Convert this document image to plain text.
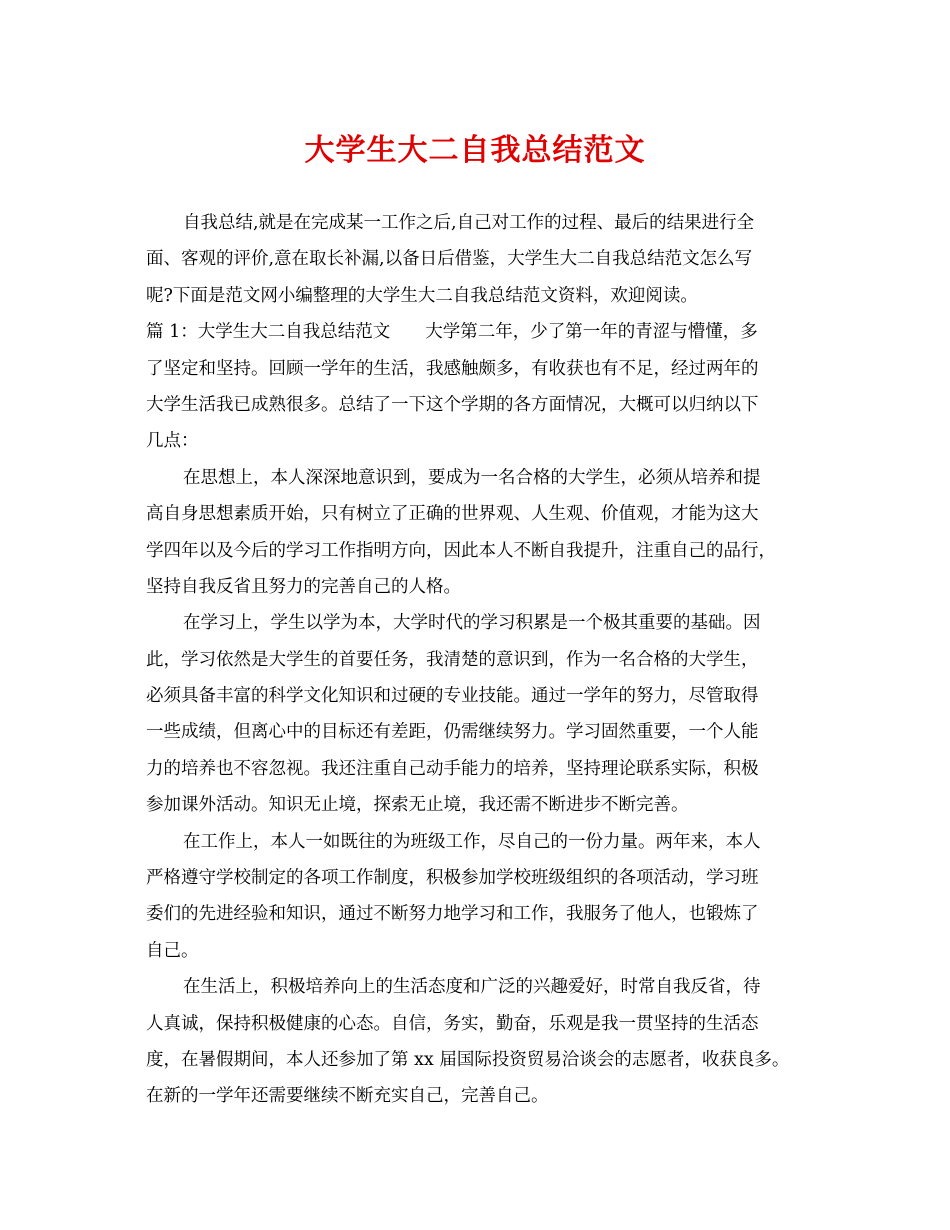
大学生大二自我总结范文
自我总结,就是在完成某一工作之后,自己对工作的过程、最后的结果进行全
面、客观的评价,意在取长补漏,以备日后借鉴，大学生大二自我总结范文怎么写
呢?下面是范文网小编整理的大学生大二自我总结范文资料，欢迎阅读。
篇 1：大学生大二自我总结范文　　大学第二年，少了第一年的青涩与懵懂，多
了坚定和坚持。回顾一学年的生活，我感触颇多，有收获也有不足，经过两年的
大学生活我已成熟很多。总结了一下这个学期的各方面情况，大概可以归纳以下
几点：
在思想上，本人深深地意识到，要成为一名合格的大学生，必须从培养和提
高自身思想素质开始，只有树立了正确的世界观、人生观、价值观，才能为这大
学四年以及今后的学习工作指明方向，因此本人不断自我提升，注重自己的品行，
坚持自我反省且努力的完善自己的人格。
在学习上，学生以学为本，大学时代的学习积累是一个极其重要的基础。因
此，学习依然是大学生的首要任务，我清楚的意识到，作为一名合格的大学生，
必须具备丰富的科学文化知识和过硬的专业技能。通过一学年的努力，尽管取得
一些成绩，但离心中的目标还有差距，仍需继续努力。学习固然重要，一个人能
力的培养也不容忽视。我还注重自己动手能力的培养，坚持理论联系实际，积极
参加课外活动。知识无止境，探索无止境，我还需不断进步不断完善。
在工作上，本人一如既往的为班级工作，尽自己的一份力量。两年来，本人
严格遵守学校制定的各项工作制度，积极参加学校班级组织的各项活动，学习班
委们的先进经验和知识，通过不断努力地学习和工作，我服务了他人，也锻炼了
自己。
在生活上，积极培养向上的生活态度和广泛的兴趣爱好，时常自我反省，待
人真诚，保持积极健康的心态。自信，务实，勤奋，乐观是我一贯坚持的生活态
度，在暑假期间，本人还参加了第 xx 届国际投资贸易洽谈会的志愿者，收获良多。
在新的一学年还需要继续不断充实自己，完善自己。
